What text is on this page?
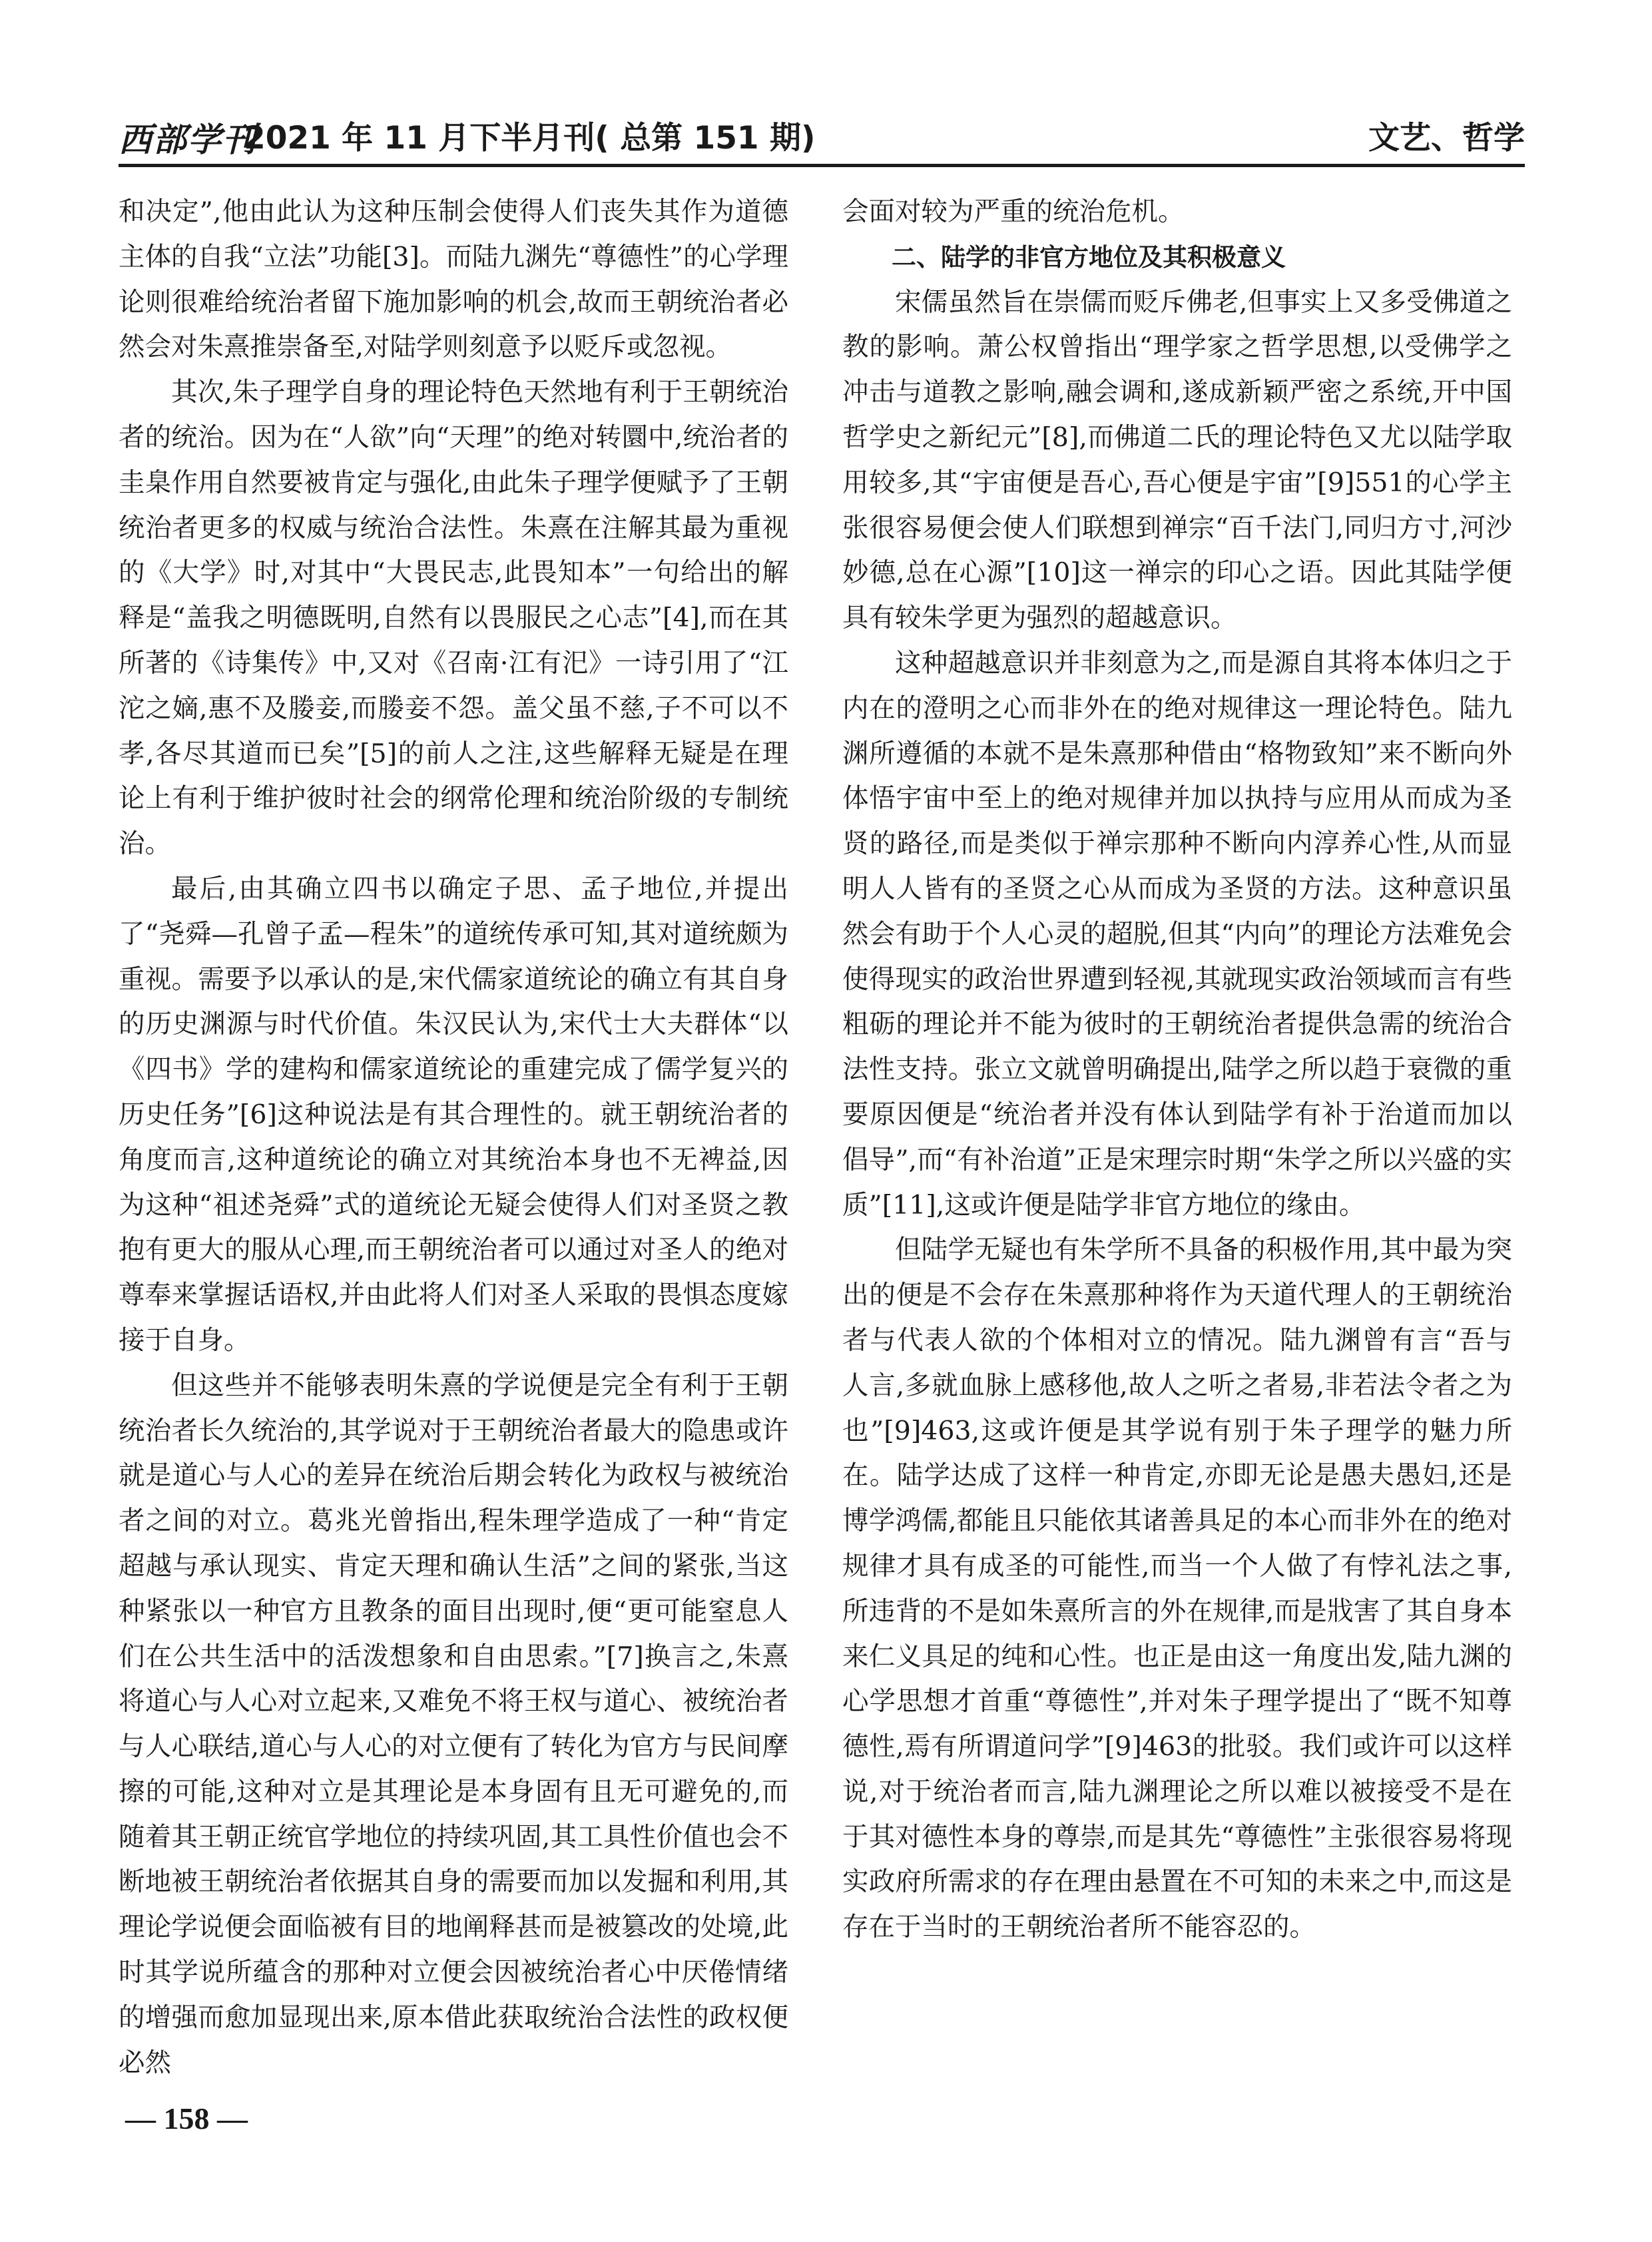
西部学刊
2021 年 11 月下半月刊( 总第 151 期)	文艺、哲学

和决定”,他由此认为这种压制会使得人们丧失其作为道德主体的自我“立法”功能[3]。而陆九渊先“尊德性”的心学理论则很难给统治者留下施加影响的机会,故而王朝统治者必然会对朱熹推崇备至,对陆学则刻意予以贬斥或忽视。

其次,朱子理学自身的理论特色天然地有利于王朝统治者的统治。因为在“人欲”向“天理”的绝对转圜中,统治者的圭臬作用自然要被肯定与强化,由此朱子理学便赋予了王朝统治者更多的权威与统治合法性。朱熹在注解其最为重视的《大学》时,对其中“大畏民志,此畏知本”一句给出的解释是“盖我之明德既明,自然有以畏服民之心志”[4],而在其所著的《诗集传》中,又对《召南·江有汜》一诗引用了“江沱之嫡,惠不及媵妾,而媵妾不怨。盖父虽不慈,子不可以不孝,各尽其道而已矣”[5]的前人之注,这些解释无疑是在理论上有利于维护彼时社会的纲常伦理和统治阶级的专制统治。

最后,由其确立四书以确定子思、孟子地位,并提出了“尧舜—孔曾子孟—程朱”的道统传承可知,其对道统颇为重视。需要予以承认的是,宋代儒家道统论的确立有其自身的历史渊源与时代价值。朱汉民认为,宋代士大夫群体“以《四书》学的建构和儒家道统论的重建完成了儒学复兴的历史任务”[6]这种说法是有其合理性的。就王朝统治者的角度而言,这种道统论的确立对其统治本身也不无裨益,因为这种“祖述尧舜”式的道统论无疑会使得人们对圣贤之教抱有更大的服从心理,而王朝统治者可以通过对圣人的绝对尊奉来掌握话语权,并由此将人们对圣人采取的畏惧态度嫁接于自身。

但这些并不能够表明朱熹的学说便是完全有利于王朝统治者长久统治的,其学说对于王朝统治者最大的隐患或许就是道心与人心的差异在统治后期会转化为政权与被统治者之间的对立。葛兆光曾指出,程朱理学造成了一种“肯定超越与承认现实、肯定天理和确认生活”之间的紧张,当这种紧张以一种官方且教条的面目出现时,便“更可能窒息人们在公共生活中的活泼想象和自由思索。”[7]换言之,朱熹将道心与人心对立起来,又难免不将王权与道心、被统治者与人心联结,道心与人心的对立便有了转化为官方与民间摩擦的可能,这种对立是其理论是本身固有且无可避免的,而随着其王朝正统官学地位的持续巩固,其工具性价值也会不断地被王朝统治者依据其自身的需要而加以发掘和利用,其理论学说便会面临被有目的地阐释甚而是被篡改的处境,此时其学说所蕴含的那种对立便会因被统治者心中厌倦情绪的增强而愈加显现出来,原本借此获取统治合法性的政权便必然

会面对较为严重的统治危机。

二、陆学的非官方地位及其积极意义

宋儒虽然旨在崇儒而贬斥佛老,但事实上又多受佛道之教的影响。萧公权曾指出“理学家之哲学思想,以受佛学之冲击与道教之影响,融会调和,遂成新颖严密之系统,开中国哲学史之新纪元”[8],而佛道二氏的理论特色又尤以陆学取用较多,其“宇宙便是吾心,吾心便是宇宙”[9]551的心学主张很容易便会使人们联想到禅宗“百千法门,同归方寸,河沙妙德,总在心源”[10]这一禅宗的印心之语。因此其陆学便具有较朱学更为强烈的超越意识。

这种超越意识并非刻意为之,而是源自其将本体归之于内在的澄明之心而非外在的绝对规律这一理论特色。陆九渊所遵循的本就不是朱熹那种借由“格物致知”来不断向外体悟宇宙中至上的绝对规律并加以执持与应用从而成为圣贤的路径,而是类似于禅宗那种不断向内淳养心性,从而显明人人皆有的圣贤之心从而成为圣贤的方法。这种意识虽然会有助于个人心灵的超脱,但其“内向”的理论方法难免会使得现实的政治世界遭到轻视,其就现实政治领域而言有些粗砺的理论并不能为彼时的王朝统治者提供急需的统治合法性支持。张立文就曾明确提出,陆学之所以趋于衰微的重要原因便是“统治者并没有体认到陆学有补于治道而加以倡导”,而“有补治道”正是宋理宗时期“朱学之所以兴盛的实质”[11],这或许便是陆学非官方地位的缘由。

但陆学无疑也有朱学所不具备的积极作用,其中最为突出的便是不会存在朱熹那种将作为天道代理人的王朝统治者与代表人欲的个体相对立的情况。陆九渊曾有言“吾与人言,多就血脉上感移他,故人之听之者易,非若法令者之为也”[9]463,这或许便是其学说有别于朱子理学的魅力所在。陆学达成了这样一种肯定,亦即无论是愚夫愚妇,还是博学鸿儒,都能且只能依其诸善具足的本心而非外在的绝对规律才具有成圣的可能性,而当一个人做了有悖礼法之事,所违背的不是如朱熹所言的外在规律,而是戕害了其自身本来仁义具足的纯和心性。也正是由这一角度出发,陆九渊的心学思想才首重“尊德性”,并对朱子理学提出了“既不知尊德性,焉有所谓道问学”[9]463的批驳。我们或许可以这样说,对于统治者而言,陆九渊理论之所以难以被接受不是在于其对德性本身的尊崇,而是其先“尊德性”主张很容易将现实政府所需求的存在理由悬置在不可知的未来之中,而这是存在于当时的王朝统治者所不能容忍的。

— 158 —
